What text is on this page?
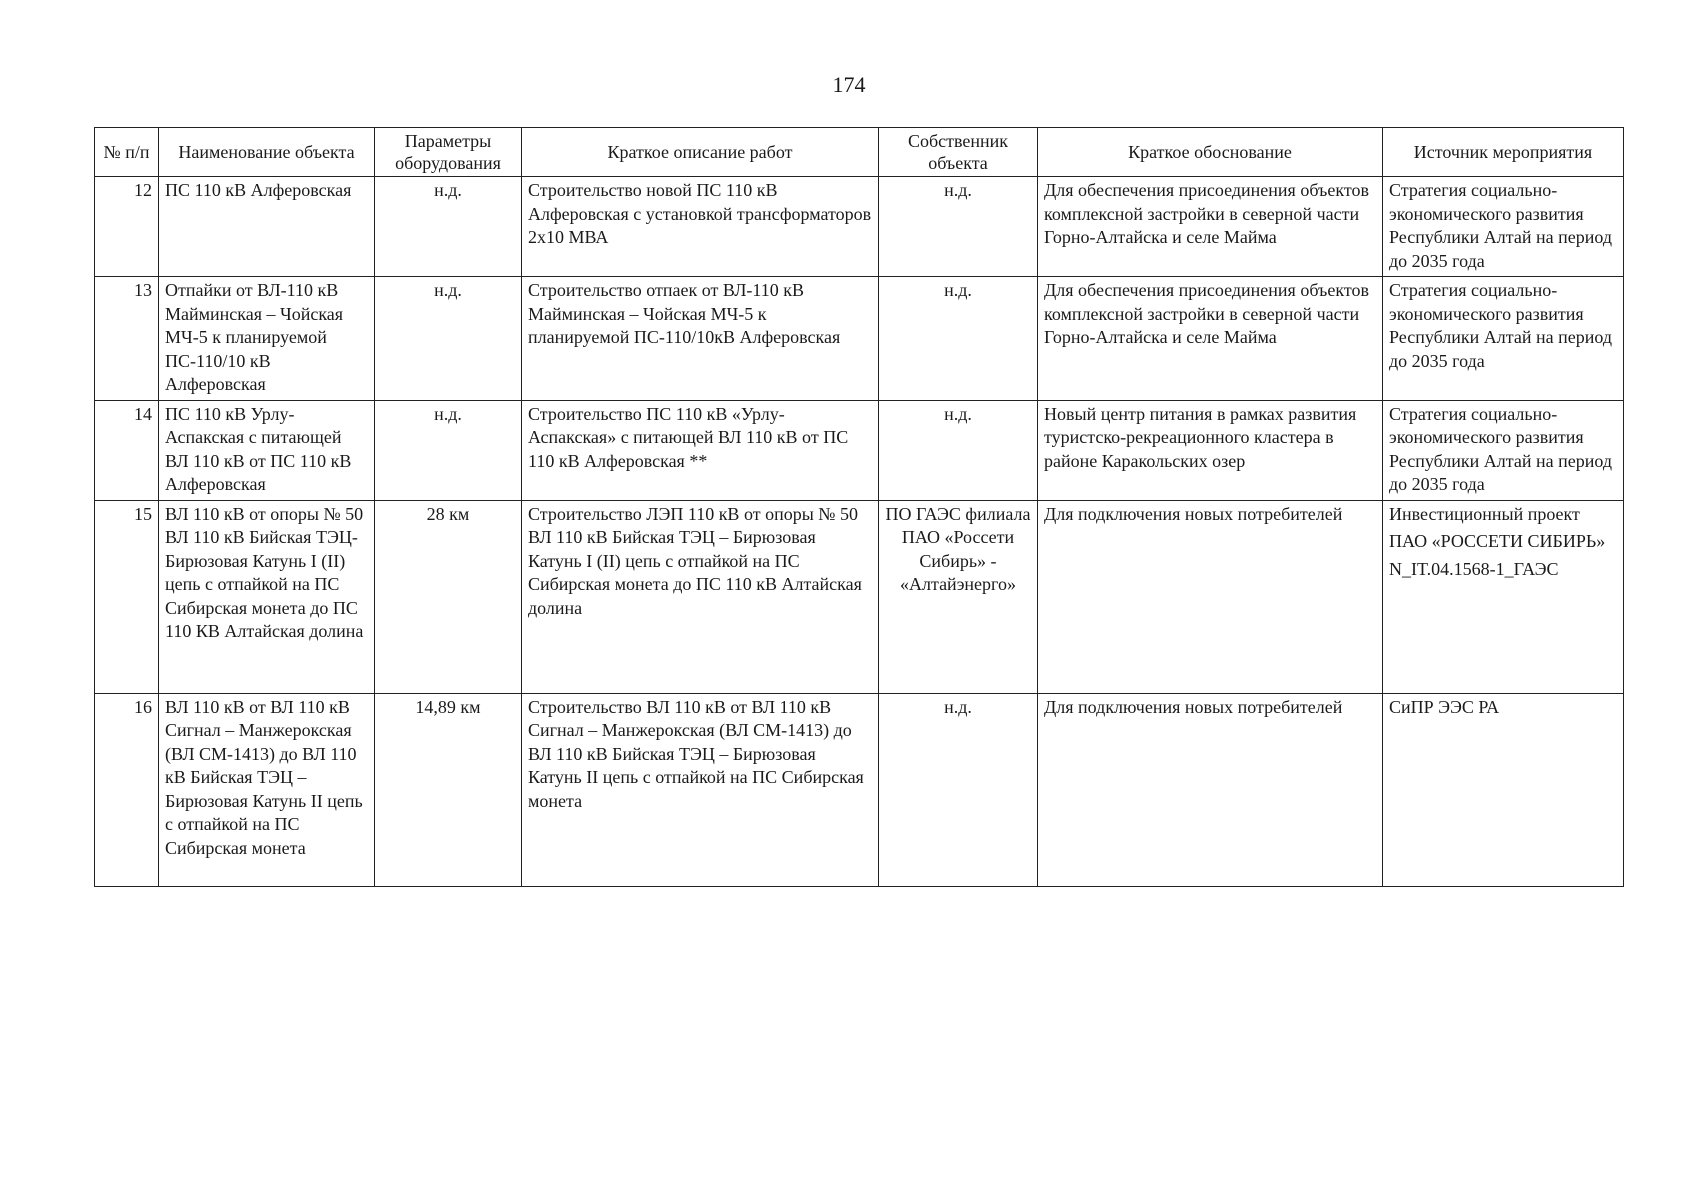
174
№ п/п	Наименование объекта	Параметры оборудования	Краткое описание работ	Собственник объекта	Краткое обоснование	Источник мероприятия
12	ПС 110 кВ Алферовская	н.д.	Строительство новой ПС 110 кВ Алферовская с установкой трансформаторов 2х10 МВА	н.д.	Для обеспечения присоединения объектов комплексной застройки в северной части Горно-Алтайска и селе Майма	Стратегия социально-экономического развития Республики Алтай на период до 2035 года
13	Отпайки от ВЛ-110 кВ Майминская – Чойская МЧ-5 к планируемой ПС-110/10 кВ Алферовская	н.д.	Строительство отпаек от ВЛ-110 кВ Майминская – Чойская МЧ-5 к планируемой ПС-110/10кВ Алферовская	н.д.	Для обеспечения присоединения объектов комплексной застройки в северной части Горно-Алтайска и селе Майма	Стратегия социально-экономического развития Республики Алтай на период до 2035 года
14	ПС 110 кВ Урлу-Аспакская с питающей ВЛ 110 кВ от ПС 110 кВ Алферовская	н.д.	Строительство ПС 110 кВ «Урлу-Аспакская» с питающей ВЛ 110 кВ от ПС 110 кВ Алферовская **	н.д.	Новый центр питания в рамках развития туристско-рекреационного кластера в районе Каракольских озер	Стратегия социально-экономического развития Республики Алтай на период до 2035 года
15	ВЛ 110 кВ от опоры № 50 ВЛ 110 кВ Бийская ТЭЦ- Бирюзовая Катунь I (II) цепь с отпайкой на ПС Сибирская монета до ПС 110 КВ Алтайская долина	28 км	Строительство ЛЭП 110 кВ от опоры № 50 ВЛ 110 кВ Бийская ТЭЦ – Бирюзовая Катунь I (II) цепь с отпайкой на ПС Сибирская монета до ПС 110 кВ Алтайская долина	ПО ГАЭС филиала ПАО «Россети Сибирь» - «Алтайэнерго»	Для подключения новых потребителей	Инвестиционный проект
ПАО «РОССЕТИ СИБИРЬ»
N_IT.04.1568-1_ГАЭС

16	ВЛ 110 кВ от ВЛ 110 кВ Сигнал – Манжерокская (ВЛ СМ-1413) до ВЛ 110 кВ Бийская ТЭЦ – Бирюзовая Катунь II цепь с отпайкой на ПС Сибирская монета	14,89 км	Строительство ВЛ 110 кВ от ВЛ 110 кВ Сигнал – Манжерокская (ВЛ СМ-1413) до ВЛ 110 кВ Бийская ТЭЦ – Бирюзовая Катунь II цепь с отпайкой на ПС Сибирская монета	н.д.	Для подключения новых потребителей	СиПР ЭЭС РА
